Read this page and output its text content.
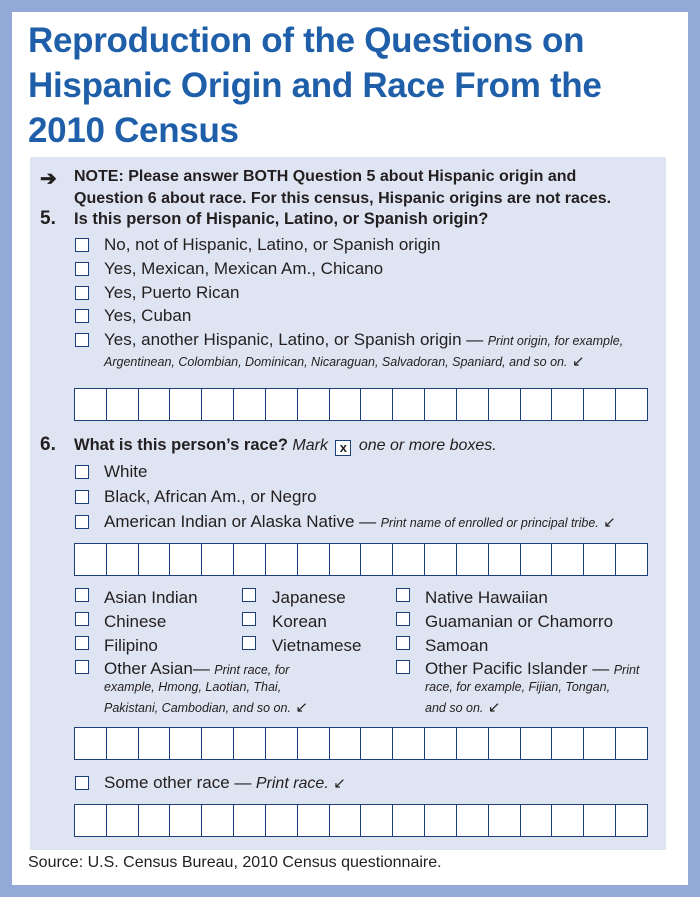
Reproduction of the Questions on Hispanic Origin and Race From the 2010 Census
➔ NOTE: Please answer BOTH Question 5 about Hispanic origin and
Question 6 about race. For this census, Hispanic origins are not races.
5. Is this person of Hispanic, Latino, or Spanish origin?
No, not of Hispanic, Latino, or Spanish origin
Yes, Mexican, Mexican Am., Chicano
Yes, Puerto Rican
Yes, Cuban
Yes, another Hispanic, Latino, or Spanish origin — Print origin, for example,
Argentinean, Colombian, Dominican, Nicaraguan, Salvadoran, Spaniard, and so on. ↙
6. What is this person’s race? Mark x one or more boxes.
White
Black, African Am., or Negro
American Indian or Alaska Native — Print name of enrolled or principal tribe. ↙
Asian Indian
Chinese
Filipino
Japanese
Korean
Vietnamese
Native Hawaiian
Guamanian or Chamorro
Samoan
Other Asian— Print race, for
example, Hmong, Laotian, Thai,
Pakistani, Cambodian, and so on. ↙
Other Pacific Islander — Print
race, for example, Fijian, Tongan,
and so on. ↙
Some other race — Print race. ↙
Source: U.S. Census Bureau, 2010 Census questionnaire.
